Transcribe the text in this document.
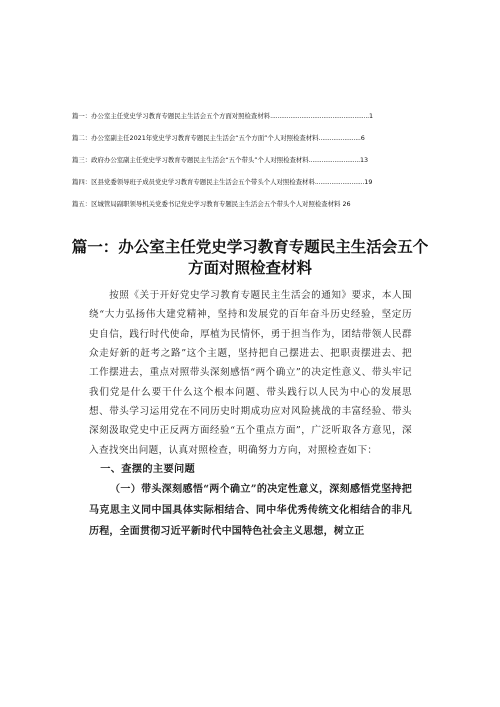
篇一：办公室主任党史学习教育专题民主生活会五个方面对照检查材料......................................................1
篇二：办公室副主任2021年党史学习教育专题民主生活会“五个方面”个人对照检查材料.......................6
篇三：政府办公室副主任党史学习教育专题民主生活会“五个带头”个人对照检查材料............................13
篇四：区县党委领导班子成员党史学习教育专题民主生活会五个带头个人对照检查材料...........................19
篇五：区城管局副职领导机关党委书记党史学习教育专题民主生活会五个带头个人对照检查材料 26
篇一：办公室主任党史学习教育专题民主生活会五个
方面对照检查材料

按照《关于开好党史学习教育专题民主生活会的通知》要求，本人围绕“大力弘扬伟大建党精神，坚持和发展党的百年奋斗历史经验，坚定历史自信，践行时代使命，厚植为民情怀，勇于担当作为，团结带领人民群众走好新的赶考之路”这个主题，坚持把自己摆进去、把职责摆进去、把工作摆进去，重点对照带头深刻感悟“两个确立”的决定性意义、带头牢记我们党是什么要干什么这个根本问题、带头践行以人民为中心的发展思想、带头学习运用党在不同历史时期成功应对风险挑战的丰富经验、带头深刻汲取党史中正反两方面经验“五个重点方面”，广泛听取各方意见，深入查找突出问题，认真对照检查，明确努力方向，对照检查如下：

一、查摆的主要问题

（一）带头深刻感悟“两个确立”的决定性意义，深刻感悟党坚持把马克思主义同中国具体实际相结合、同中华优秀传统文化相结合的非凡历程，全面贯彻习近平新时代中国特色社会主义思想，树立正
